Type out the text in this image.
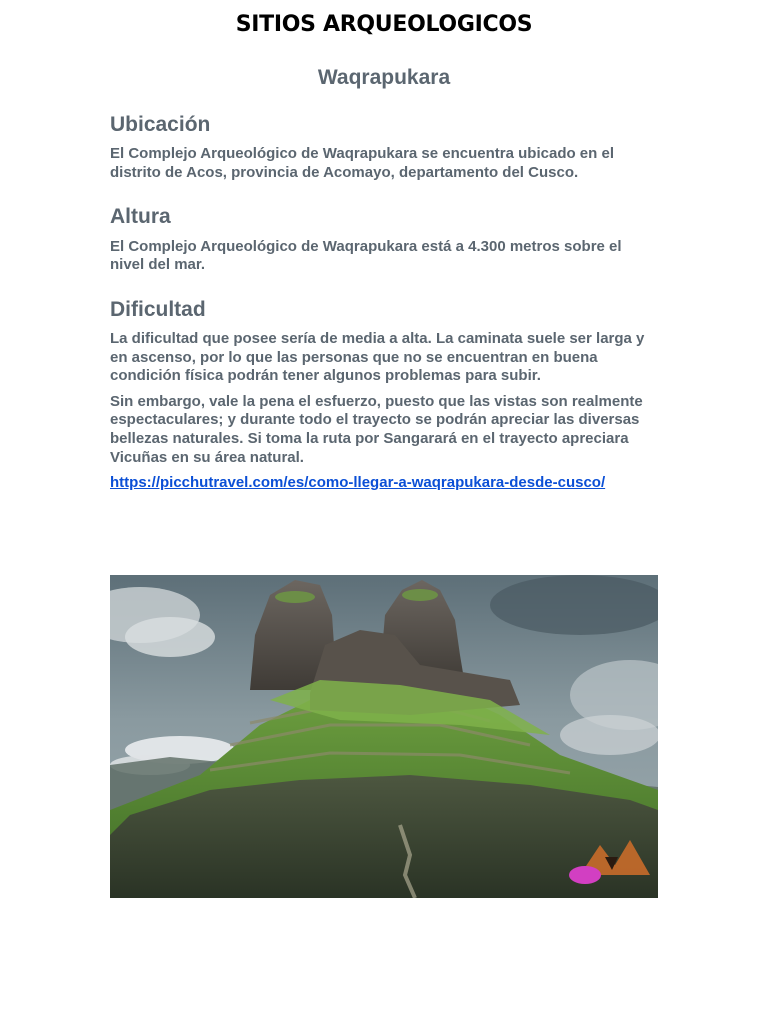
SITIOS ARQUEOLOGICOS
Waqrapukara
Ubicación

El Complejo Arqueológico de Waqrapukara se encuentra ubicado en el distrito de Acos, provincia de Acomayo, departamento del Cusco.

Altura

El Complejo Arqueológico de Waqrapukara está a 4.300 metros sobre el nivel del mar.

Dificultad

La dificultad que posee sería de media a alta. La caminata suele ser larga y en ascenso, por lo que las personas que no se encuentran en buena condición física podrán tener algunos problemas para subir.

Sin embargo, vale la pena el esfuerzo, puesto que las vistas son realmente espectaculares; y durante todo el trayecto se podrán apreciar las diversas bellezas naturales. Si toma la ruta por Sangarará en el trayecto apreciara Vicuñas en su área natural.

https://picchutravel.com/es/como-llegar-a-waqrapukara-desde-cusco/
